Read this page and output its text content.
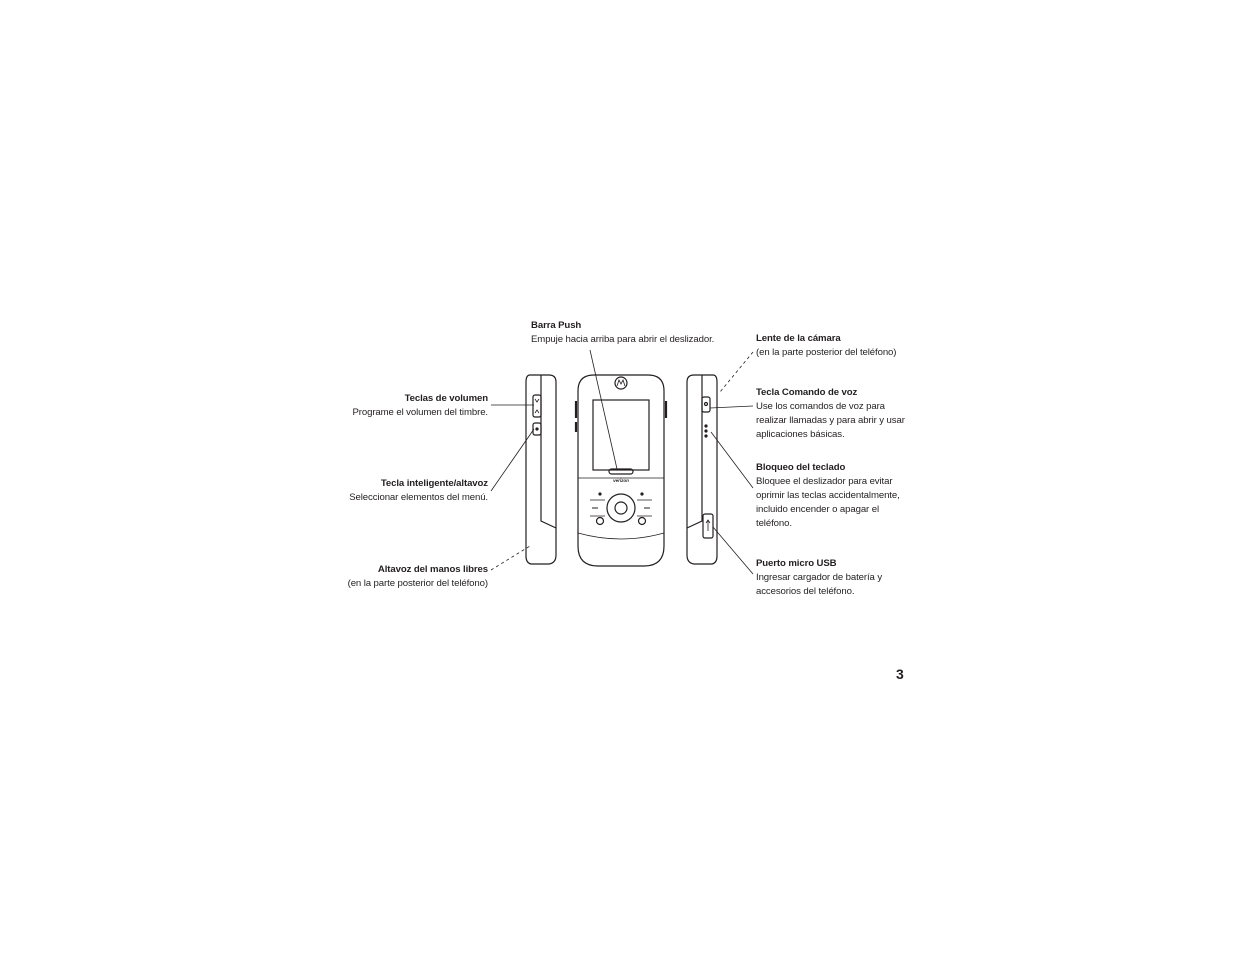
verizon
Barra Push
Empuje hacia arriba para abrir el deslizador.
Teclas de volumen
Programe el volumen del timbre.
Tecla inteligente/altavoz
Seleccionar elementos del menú.
Altavoz del manos libres
(en la parte posterior del teléfono)
Lente de la cámara
(en la parte posterior del teléfono)
Tecla Comando de voz
Use los comandos de voz para
realizar llamadas y para abrir y usar
aplicaciones básicas.
Bloqueo del teclado
Bloquee el deslizador para evitar
oprimir las teclas accidentalmente,
incluido encender o apagar el
teléfono.
Puerto micro USB
Ingresar cargador de batería y
accesorios del teléfono.
3
